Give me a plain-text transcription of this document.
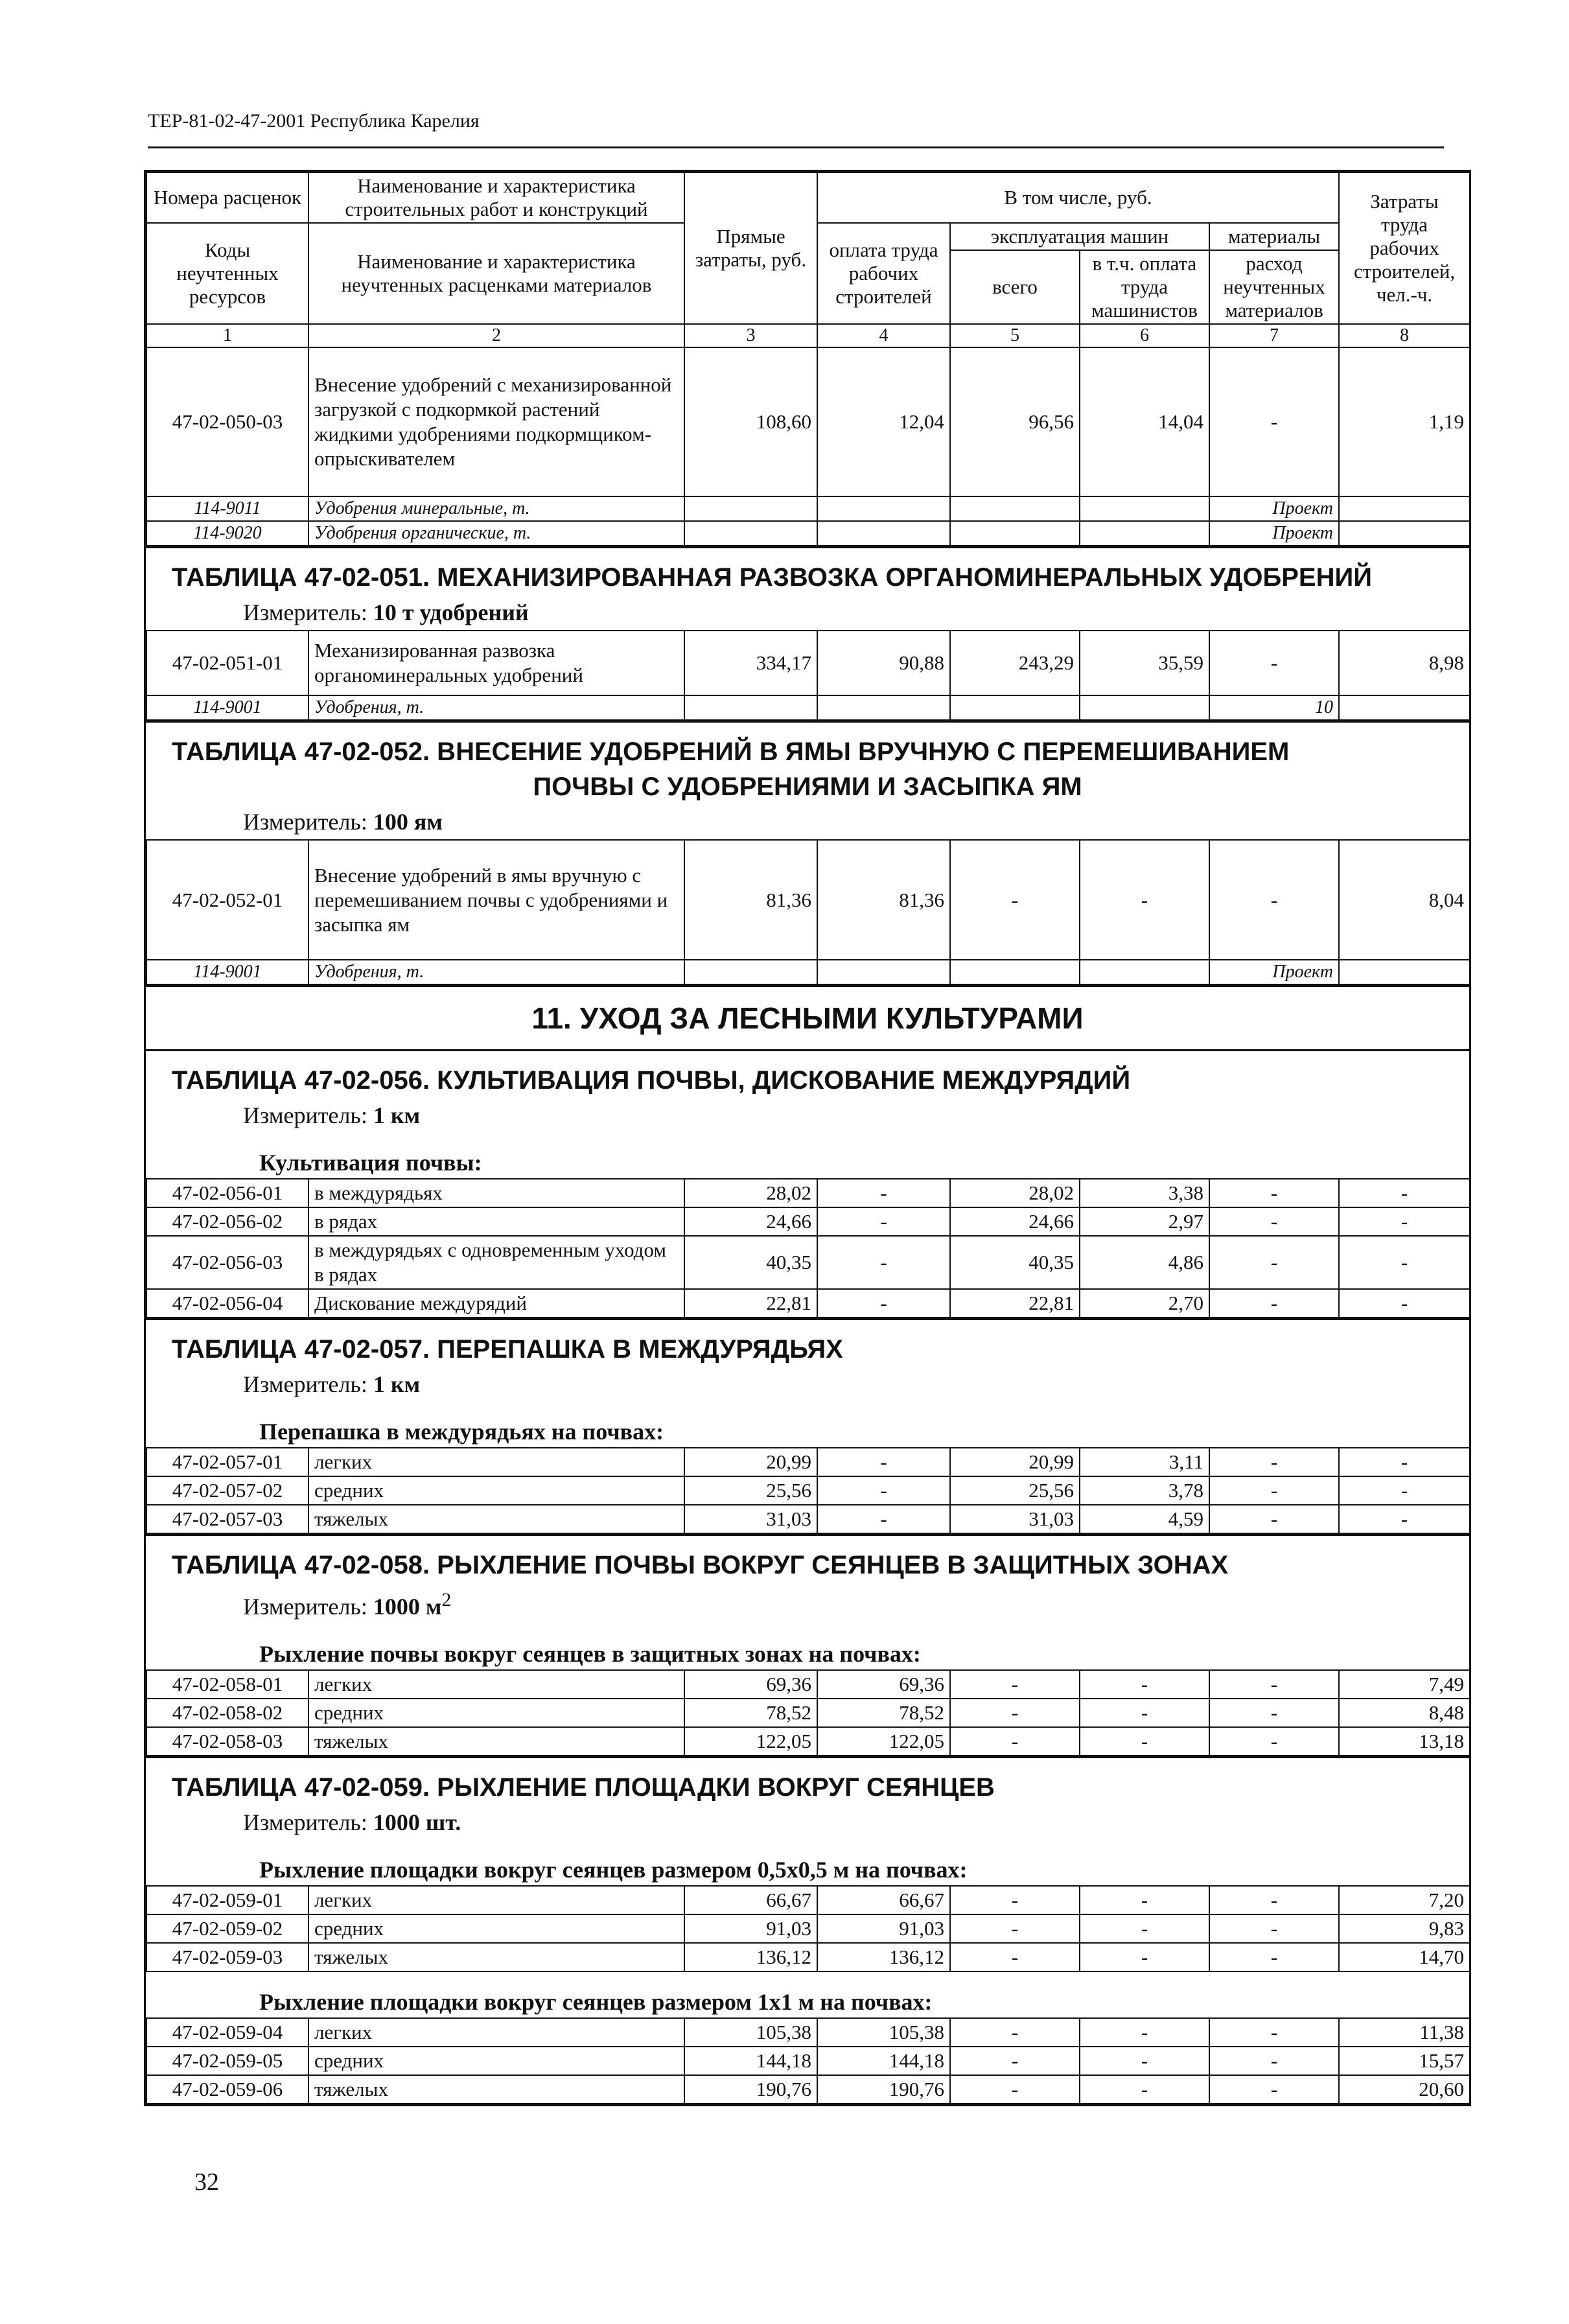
ТЕР-81-02-47-2001 Республика Карелия
Номера расценок	Наименование и характеристика строительных работ и конструкций	Прямые затраты, руб.	В том числе, руб.				Затраты труда рабочих строителей, чел.-ч.
Коды неучтенных ресурсов	Наименование и характеристика неучтенных расценками материалов		оплата труда рабочих строителей	эксплуатация машин		материалы	
				всего	в т.ч. оплата труда машинистов	расход неучтенных материалов	
1	2	3	4	5	6	7	8
47-02-050-03	Внесение удобрений с механизированной загрузкой с подкормкой растений жидкими удобрениями подкормщиком-опрыскивателем	108,60	12,04	96,56	14,04	-	1,19
114-9011	Удобрения минеральные, т.					Проект	
114-9020	Удобрения органические, т.					Проект	
ТАБЛИЦА 47-02-051. МЕХАНИЗИРОВАННАЯ РАЗВОЗКА ОРГАНОМИНЕРАЛЬНЫХ УДОБРЕНИЙ
Измеритель: 10 т удобрений
47-02-051-01	Механизированная развозка органоминеральных удобрений	334,17	90,88	243,29	35,59	-	8,98
114-9001	Удобрения, т.					10	
ТАБЛИЦА 47-02-052. ВНЕСЕНИЕ УДОБРЕНИЙ В ЯМЫ ВРУЧНУЮ С ПЕРЕМЕШИВАНИЕМ
ПОЧВЫ С УДОБРЕНИЯМИ И ЗАСЫПКА ЯМ
Измеритель: 100 ям
47-02-052-01	Внесение удобрений в ямы вручную с перемешиванием почвы с удобрениями и засыпка ям	81,36	81,36	-	-	-	8,04
114-9001	Удобрения, т.					Проект	
11. УХОД ЗА ЛЕСНЫМИ КУЛЬТУРАМИ
ТАБЛИЦА 47-02-056. КУЛЬТИВАЦИЯ ПОЧВЫ, ДИСКОВАНИЕ МЕЖДУРЯДИЙ
Измеритель: 1 км
Культивация почвы:
47-02-056-01	в междурядьях	28,02	-	28,02	3,38	-	-
47-02-056-02	в рядах	24,66	-	24,66	2,97	-	-
47-02-056-03	в междурядьях с одновременным уходом в рядах	40,35	-	40,35	4,86	-	-
47-02-056-04	Дискование междурядий	22,81	-	22,81	2,70	-	-
ТАБЛИЦА 47-02-057. ПЕРЕПАШКА В МЕЖДУРЯДЬЯХ
Измеритель: 1 км
Перепашка в междурядьях на почвах:
47-02-057-01	легких	20,99	-	20,99	3,11	-	-
47-02-057-02	средних	25,56	-	25,56	3,78	-	-
47-02-057-03	тяжелых	31,03	-	31,03	4,59	-	-
ТАБЛИЦА 47-02-058. РЫХЛЕНИЕ ПОЧВЫ ВОКРУГ СЕЯНЦЕВ В ЗАЩИТНЫХ ЗОНАХ
Измеритель: 1000 $м^2$
Рыхление почвы вокруг сеянцев в защитных зонах на почвах:
47-02-058-01	легких	69,36	69,36	-	-	-	7,49
47-02-058-02	средних	78,52	78,52	-	-	-	8,48
47-02-058-03	тяжелых	122,05	122,05	-	-	-	13,18
ТАБЛИЦА 47-02-059. РЫХЛЕНИЕ ПЛОЩАДКИ ВОКРУГ СЕЯНЦЕВ
Измеритель: 1000 шт.
Рыхление площадки вокруг сеянцев размером 0,5х0,5 м на почвах:
47-02-059-01	легких	66,67	66,67	-	-	-	7,20
47-02-059-02	средних	91,03	91,03	-	-	-	9,83
47-02-059-03	тяжелых	136,12	136,12	-	-	-	14,70
Рыхление площадки вокруг сеянцев размером 1х1 м на почвах:
47-02-059-04	легких	105,38	105,38	-	-	-	11,38
47-02-059-05	средних	144,18	144,18	-	-	-	15,57
47-02-059-06	тяжелых	190,76	190,76	-	-	-	20,60
32
